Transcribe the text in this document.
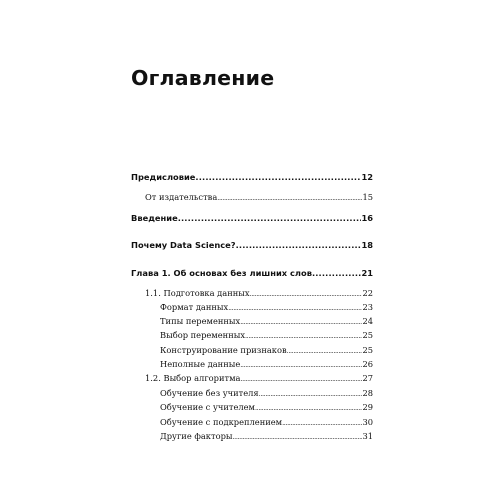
Оглавление
Предисловие .....	12
От издательства .....	15
Введение .....	16
Почему Data Science? .....	18
Глава 1. Об основах без лишних слов .....	21
1.1. Подготовка данных .....	22
Формат данных .....	23
Типы переменных .....	24
Выбор переменных .....	25
Конструирование признаков .....	25
Неполные данные .....	26
1.2. Выбор алгоритма .....	27
Обучение без учителя .....	28
Обучение с учителем .....	29
Обучение с подкреплением .....	30
Другие факторы .....	31
